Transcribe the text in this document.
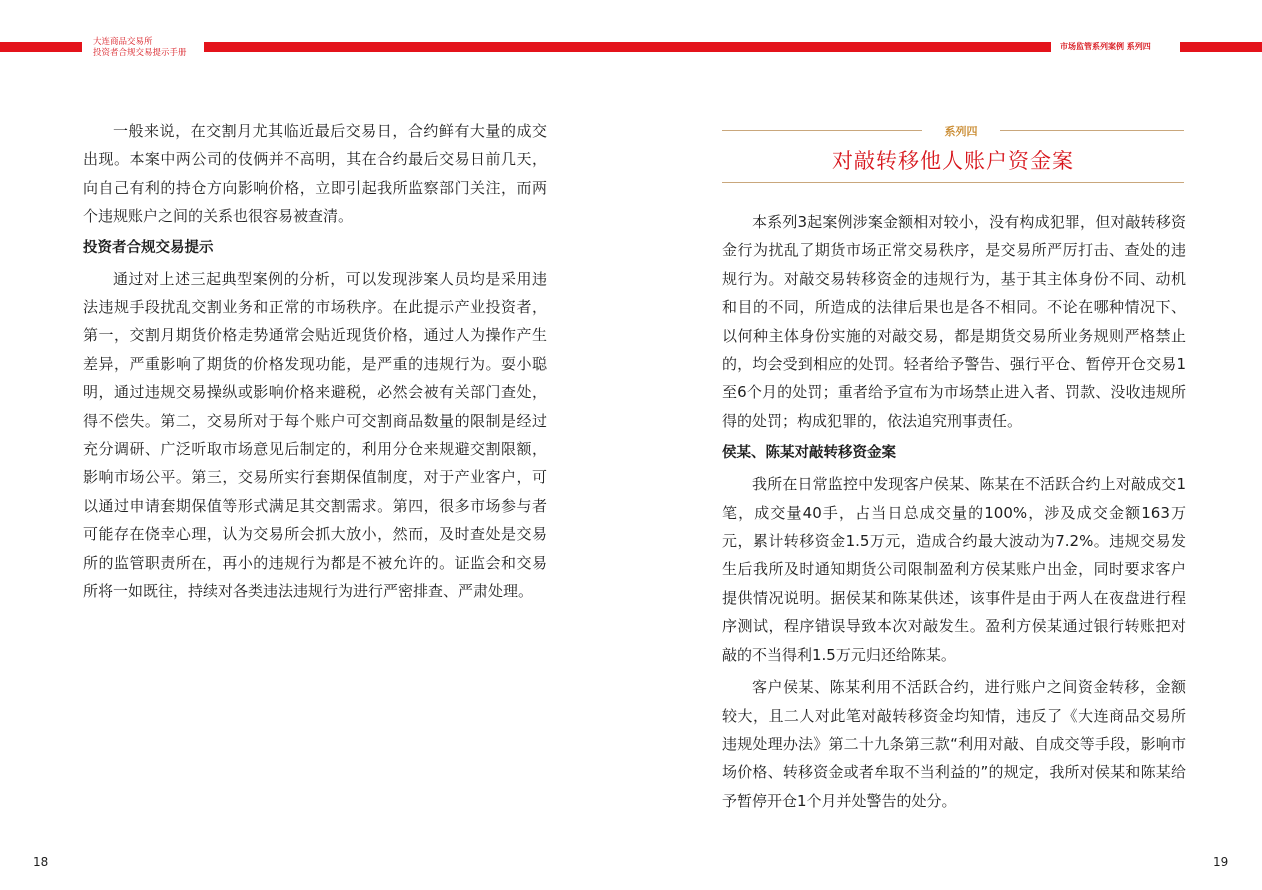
大连商品交易所
投资者合规交易提示手册
市场监管系列案例 系列四

一般来说，在交割月尤其临近最后交易日，合约鲜有大量的成交出现。本案中两公司的伎俩并不高明，其在合约最后交易日前几天，向自己有利的持仓方向影响价格，立即引起我所监察部门关注，而两个违规账户之间的关系也很容易被查清。

投资者合规交易提示

通过对上述三起典型案例的分析，可以发现涉案人员均是采用违法违规手段扰乱交割业务和正常的市场秩序。在此提示产业投资者，第一，交割月期货价格走势通常会贴近现货价格，通过人为操作产生差异，严重影响了期货的价格发现功能，是严重的违规行为。耍小聪明，通过违规交易操纵或影响价格来避税，必然会被有关部门查处，得不偿失。第二，交易所对于每个账户可交割商品数量的限制是经过充分调研、广泛听取市场意见后制定的，利用分仓来规避交割限额，影响市场公平。第三，交易所实行套期保值制度，对于产业客户，可以通过申请套期保值等形式满足其交割需求。第四，很多市场参与者可能存在侥幸心理，认为交易所会抓大放小，然而，及时查处是交易所的监管职责所在，再小的违规行为都是不被允许的。证监会和交易所将一如既往，持续对各类违法违规行为进行严密排查、严肃处理。

系列四
对敲转移他人账户资金案

本系列3起案例涉案金额相对较小，没有构成犯罪，但对敲转移资金行为扰乱了期货市场正常交易秩序，是交易所严厉打击、查处的违规行为。对敲交易转移资金的违规行为，基于其主体身份不同、动机和目的不同，所造成的法律后果也是各不相同。不论在哪种情况下、以何种主体身份实施的对敲交易，都是期货交易所业务规则严格禁止的，均会受到相应的处罚。轻者给予警告、强行平仓、暂停开仓交易1至6个月的处罚；重者给予宣布为市场禁止进入者、罚款、没收违规所得的处罚；构成犯罪的，依法追究刑事责任。

侯某、陈某对敲转移资金案

我所在日常监控中发现客户侯某、陈某在不活跃合约上对敲成交1笔，成交量40手，占当日总成交量的100%，涉及成交金额163万元，累计转移资金1.5万元，造成合约最大波动为7.2%。违规交易发生后我所及时通知期货公司限制盈利方侯某账户出金，同时要求客户提供情况说明。据侯某和陈某供述，该事件是由于两人在夜盘进行程序测试，程序错误导致本次对敲发生。盈利方侯某通过银行转账把对敲的不当得利1.5万元归还给陈某。

客户侯某、陈某利用不活跃合约，进行账户之间资金转移，金额较大，且二人对此笔对敲转移资金均知情，违反了《大连商品交易所违规处理办法》第二十九条第三款“利用对敲、自成交等手段，影响市场价格、转移资金或者牟取不当利益的”的规定，我所对侯某和陈某给予暂停开仓1个月并处警告的处分。

18	19
